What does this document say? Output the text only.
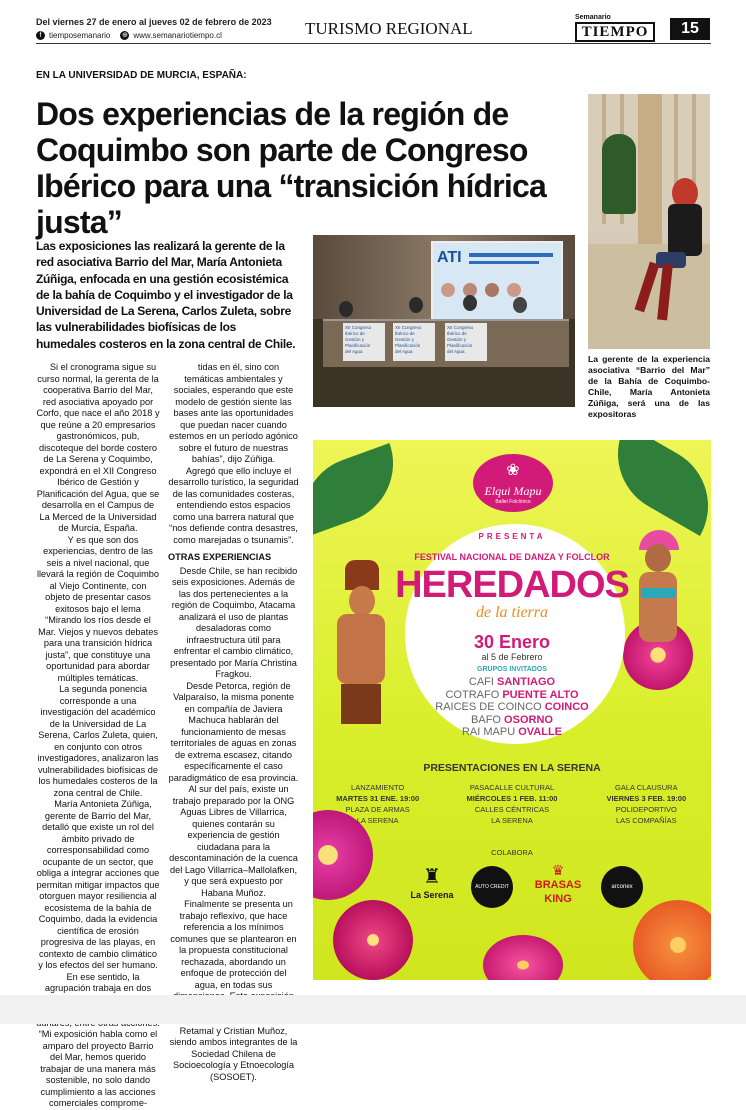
Del viernes 27 de enero al jueves 02 de febrero de 2023
f tiemposemanario ⊕ www.semanariotiempo.cl	TURISMO REGIONAL
Semanario
TIEMPO	15
EN LA UNIVERSIDAD DE MURCIA, ESPAÑA:
Dos experiencias de la región de Coquimbo son parte de Congreso Ibérico para una “transición hídrica justa”
Las exposiciones las realizará la gerente de la red asociativa Barrio del Mar, María Antonieta Zúñiga, enfocada en una gestión ecosistémica de la bahía de Coquimbo y el investigador de la Universidad de La Serena, Carlos Zuleta, sobre las vulnerabilidades biofísicas de los humedales costeros en la zona central de Chile.
ATI
XII Congreso
Ibérico de
Gestión y
Planificación
del Agua
XII Congreso
Ibérico de
Gestión y
Planificación
del Agua
XII Congreso
Ibérico de
Gestión y
Planificación
del Agua
La gerente de la experiencia asociativa “Barrio del Mar” de la Bahía de Coquimbo-Chile, María Antonieta Zúñiga, será una de las expositoras

Si el cronograma sigue su curso normal, la gerenta de la cooperativa Barrio del Mar, red asociativa apoyado por Corfo, que nace el año 2018 y que reúne a 20 empresarios gastronómicos, pub, discoteque del borde costero de La Serena y Coquimbo, expondrá en el XII Congreso Ibérico de Gestión y Planificación del Agua, que se desarrolla en el Campus de La Merced de la Universidad de Murcia, España.

Y es que son dos experiencias, dentro de las seis a nivel nacional, que llevará la región de Coquimbo al Viejo Continente, con objeto de presentar casos exitosos bajo el lema “Mirando los ríos desde el Mar. Viejos y nuevos debates para una transición hídrica justa”, que constituye una oportunidad para abordar múltiples temáticas.

La segunda ponencia corresponde a una investigación del académico de la Universidad de La Serena, Carlos Zuleta, quien, en conjunto con otros investigadores, analizaron las vulnerabilidades biofísicas de los humedales costeros de la zona central de Chile.

María Antonieta Zúñiga, gerente de Barrio del Mar, detalló que existe un rol del ámbito privado de corresponsabilidad como ocupante de un sector, que obliga a integrar acciones que permitan mitigar impactos que otorguen mayor resiliencia al ecosistema de la bahía de Coquimbo, dada la evidencia científica de erosión progresiva de las playas, en contexto de cambio climático y los efectos del ser humano.

En ese sentido, la agrupación trabaja en dos “Mi exposición habla como el amparo del proyecto Barrio del Mar, hemos querido trabajar de una manera más sostenible, no solo dando cumplimiento a las acciones comerciales compromе-

tidas en él, sino con temáticas ambientales y sociales, esperando que este modelo de gestión siente las bases ante las oportunidades que puedan nacer cuando estemos en un período agónico sobre el futuro de nuestras bahías”, dijo Zúñiga.

Agregó que ello incluye el desarrollo turístico, la seguridad de las comunidades costeras, entendiendo estos espacios como una barrera natural que “nos defiende contra desastres, como marejadas o tsunamis”.

OTRAS EXPERIENCIAS

Desde Chile, se han recibido seis exposiciones. Además de las dos pertenecientes a la región de Coquimbo, Atacama analizará el uso de plantas desaladoras como infraestructura útil para enfrentar el cambio climático, presentado por María Christina Fragkou.

Desde Petorca, región de Valparaíso, la misma ponente en compañía de Javiera Machuca hablarán del funcionamiento de mesas territoriales de aguas en zonas de extrema escasez, citando específicamente el caso paradigmático de esa provincia.

Al sur del país, existe un trabajo preparado por la ONG Aguas Libres de Villarrica, quienes contarán su experiencia de gestión ciudadana para la descontaminación de la cuenca del Lago Villarrica–Mallolafken, y que será expuesto por Habana Muñoz.

Finalmente se presenta un trabajo reflexivo, que hace referencia a los mínimos comunes que se plantearon en la propuesta constitucional rechazada, abordando un enfoque de protección del agua, en todas sus Retamal y Cristian Muñoz, siendo ambos integrantes de la Sociedad Chilena de Socioecología y Etnoecología (SOSOET).

❀
Elqui Mapu
Ballet Folclórico
PRESENTA
FESTIVAL NACIONAL DE DANZA Y FOLCLOR
HEREDADOS
de la tierra
30 Enero
al 5 de Febrero
GRUPOS INVITADOS
CAFI SANTIAGO
COTRAFO PUENTE ALTO
RAICES DE COINCO COINCO
BAFO OSORNO
RAI MAPU OVALLE
PRESENTACIONES EN LA SERENA
LANZAMIENTO
MARTES 31 ENE. 19:00
PLAZA DE ARMAS
LA SERENA
PASACALLE CULTURAL
MIÉRCOLES 1 FEB. 11:00
CALLES CÉNTRICAS
LA SERENA
GALA CLAUSURA
VIERNES 3 FEB. 19:00
POLIDEPORTIVO
LAS COMPAÑÍAS
COLABORA
♜
La Serena
AUTO CREDIT
♛
BRASAS KING
arconex
